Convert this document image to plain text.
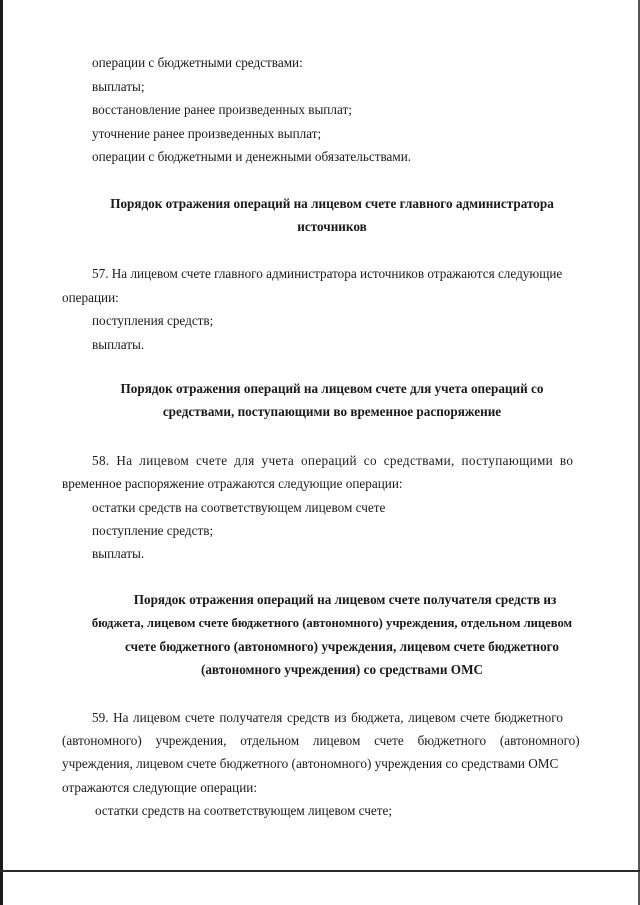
операции с бюджетными средствами:
выплаты;
восстановление ранее произведенных выплат;
уточнение ранее произведенных выплат;
операции с бюджетными и денежными обязательствами.
Порядок отражения операций на лицевом счете главного администратора
источников
57. На лицевом счете главного администратора источников отражаются следующие
операции:
поступления средств;
выплаты.
Порядок отражения операций на лицевом счете для учета операций со
средствами, поступающими во временное распоряжение
58. На лицевом счете для учета операций со средствами, поступающими во
временное распоряжение отражаются следующие операции:
остатки средств на соответствующем лицевом счете
поступление средств;
выплаты.
Порядок отражения операций на лицевом счете получателя средств из
бюджета, лицевом счете бюджетного (автономного) учреждения, отдельном лицевом
счете бюджетного (автономного) учреждения, лицевом счете бюджетного
(автономного учреждения) со средствами ОМС
59. На лицевом счете получателя средств из бюджета, лицевом счете бюджетного
(автономного) учреждения, отдельном лицевом счете бюджетного (автономного)
учреждения, лицевом счете бюджетного (автономного) учреждения со средствами ОМС
отражаются следующие операции:
остатки средств на соответствующем лицевом счете;
